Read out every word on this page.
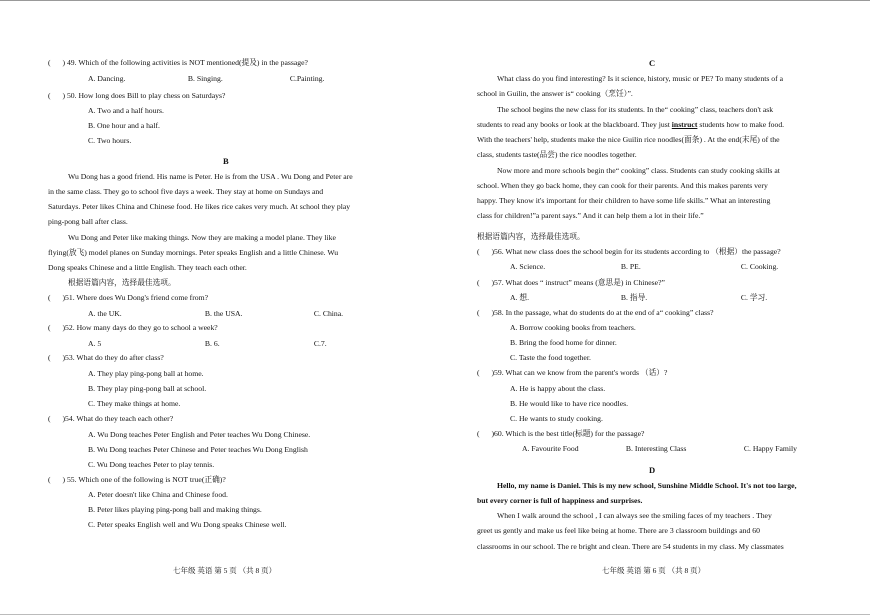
( ) 49. Which of the following activities is NOT mentioned(提及) in the passage?
A. Dancing.	B. Singing.	C.Painting.
( ) 50. How long does Bill to play chess on Saturdays?
A. Two and a half hours.
B. One hour and a half.
C. Two hours.
B
Wu Dong has a good friend. His name is Peter. He is from the USA . Wu Dong and Peter are
in the same class. They go to school five days a week. They stay at home on Sundays and
Saturdays. Peter likes China and Chinese food. He likes rice cakes very much. At school they play
ping-pong ball after class.
Wu Dong and Peter like making things. Now they are making a model plane. They like
flying(放飞) model planes on Sunday mornings. Peter speaks English and a little Chinese. Wu
Dong speaks Chinese and a little English. They teach each other.
根据语篇内容，选择最佳选项。
( )51. Where does Wu Dong's friend come from?
A. the UK.	B. the USA.	C. China.
( )52. How many days do they go to school a week?
A. 5	B. 6.	C.7.
( )53. What do they do after class?
A. They play ping-pong ball at home.
B. They play ping-pong ball at school.
C. They make things at home.
( )54. What do they teach each other?
A. Wu Dong teaches Peter English and Peter teaches Wu Dong Chinese.
B. Wu Dong teaches Peter Chinese and Peter teaches Wu Dong English
C. Wu Dong teaches Peter to play tennis.
( ) 55. Which one of the following is NOT true(正确)?
A. Peter doesn't like China and Chinese food.
B. Peter likes playing ping-pong ball and making things.
C. Peter speaks English well and Wu Dong speaks Chinese well.
七年级 英语 第 5 页 （共 8 页）
C
What class do you find interesting? Is it science, history, music or PE? To many students of a
school in Guilin, the answer is“ cooking（烹饪）”.
The school begins the new class for its students. In the“ cooking” class, teachers don't ask
students to read any books or look at the blackboard. They just instruct students how to make food.
With the teachers' help, students make the nice Guilin rice noodles(面条) . At the end(末尾) of the
class, students taste(品尝) the rice noodles together.
Now more and more schools begin the“ cooking” class. Students can study cooking skills at
school. When they go back home, they can cook for their parents. And this makes parents very
happy. They know it's important for their children to have some life skills.” What an interesting
class for children!”a parent says.” And it can help them a lot in their life.”
根据语篇内容，选择最佳选项。
( )56. What new class does the school begin for its students according to （根据）the passage?
A. Science.	B. PE.	C. Cooking.
( )57. What does “ instruct” means (意思是) in Chinese?”
A. 想.	B. 指导.	C. 学习.
( )58. In the passage, what do students do at the end of a“ cooking” class?
A. Borrow cooking books from teachers.
B. Bring the food home for dinner.
C. Taste the food together.
( )59. What can we know from the parent's words （话）?
A. He is happy about the class.
B. He would like to have rice noodles.
C. He wants to study cooking.
( )60. Which is the best title(标题) for the passage?
A. Favourite Food	B. Interesting Class	C. Happy Family
D
Hello, my name is Daniel. This is my new school, Sunshine Middle School. It's not too large,
but every corner is full of happiness and surprises.
When I walk around the school , I can always see the smiling faces of my teachers . They
greet us gently and make us feel like being at home. There are 3 classroom buildings and 60
classrooms in our school. The re bright and clean. There are 54 students in my class. My classmates
七年级 英语 第 6 页 （共 8 页）
